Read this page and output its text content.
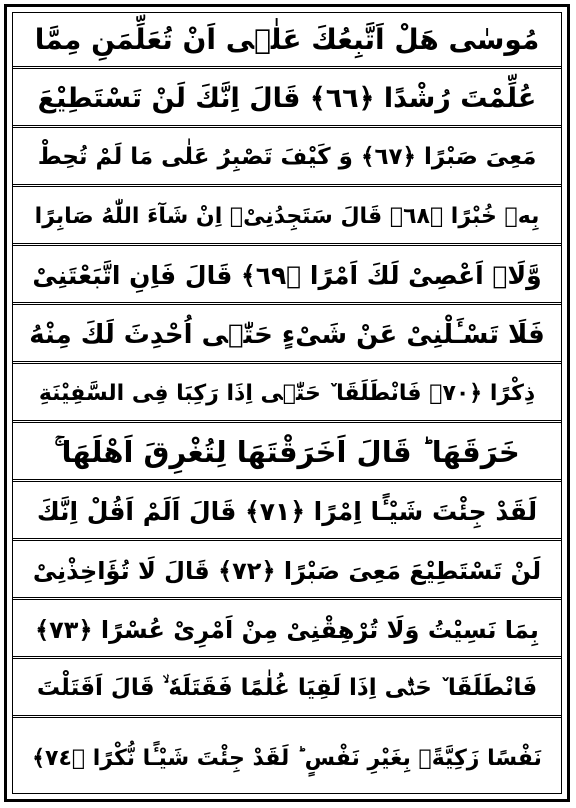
مُوسٰى هَلْ اَتَّبِعُكَ عَلٰۤى اَنْ تُعَلِّمَنِ مِمَّا
عُلِّمْتَ رُشْدًا ﴿٦٦﴾ قَالَ اِنَّكَ لَنْ تَسْتَطِيْعَ
مَعِىَ صَبْرًا ﴿٦٧﴾ وَ كَيْفَ تَصْبِرُ عَلٰى مَا لَمْ تُحِطْ
بِهٖ خُبْرًا ﴿٦٨﴾ قَالَ سَتَجِدُنِىْۤ اِنْ شَآءَ اللّٰهُ صَابِرًا
وَّلَاۤ اَعْصِىْ لَكَ اَمْرًا ﴿٦٩﴾ قَالَ فَاِنِ اتَّبَعْتَنِىْ
فَلَا تَسْـَٔلْنِىْ عَنْ شَىْءٍ حَتّٰۤى اُحْدِثَ لَكَ مِنْهُ
ذِكْرًا ﴿٧٠﴾ فَانْطَلَقَا ٚ حَتّٰۤى اِذَا رَكِبَا فِى السَّفِيْنَةِ
خَرَقَهَا ؕ قَالَ اَخَرَقْتَهَا لِتُغْرِقَ اَهْلَهَا ۚ
لَقَدْ جِئْتَ شَيْـًٔا اِمْرًا ﴿٧١﴾ قَالَ اَلَمْ اَقُلْ اِنَّكَ
لَنْ تَسْتَطِيْعَ مَعِىَ صَبْرًا ﴿٧٢﴾ قَالَ لَا تُؤَاخِذْنِىْ
بِمَا نَسِيْتُ وَلَا تُرْهِقْنِىْ مِنْ اَمْرِىْ عُسْرًا ﴿٧٣﴾
فَانْطَلَقَا ٚ حَتّٰۤى اِذَا لَقِيَا غُلٰمًا فَقَتَلَهٗ ۙ قَالَ اَقَتَلْتَ
نَفْسًا زَكِيَّةًۢ بِغَيْرِ نَفْسٍ ؕ لَقَدْ جِئْتَ شَيْـًٔا نُّكْرًا ﴿٧٤﴾
